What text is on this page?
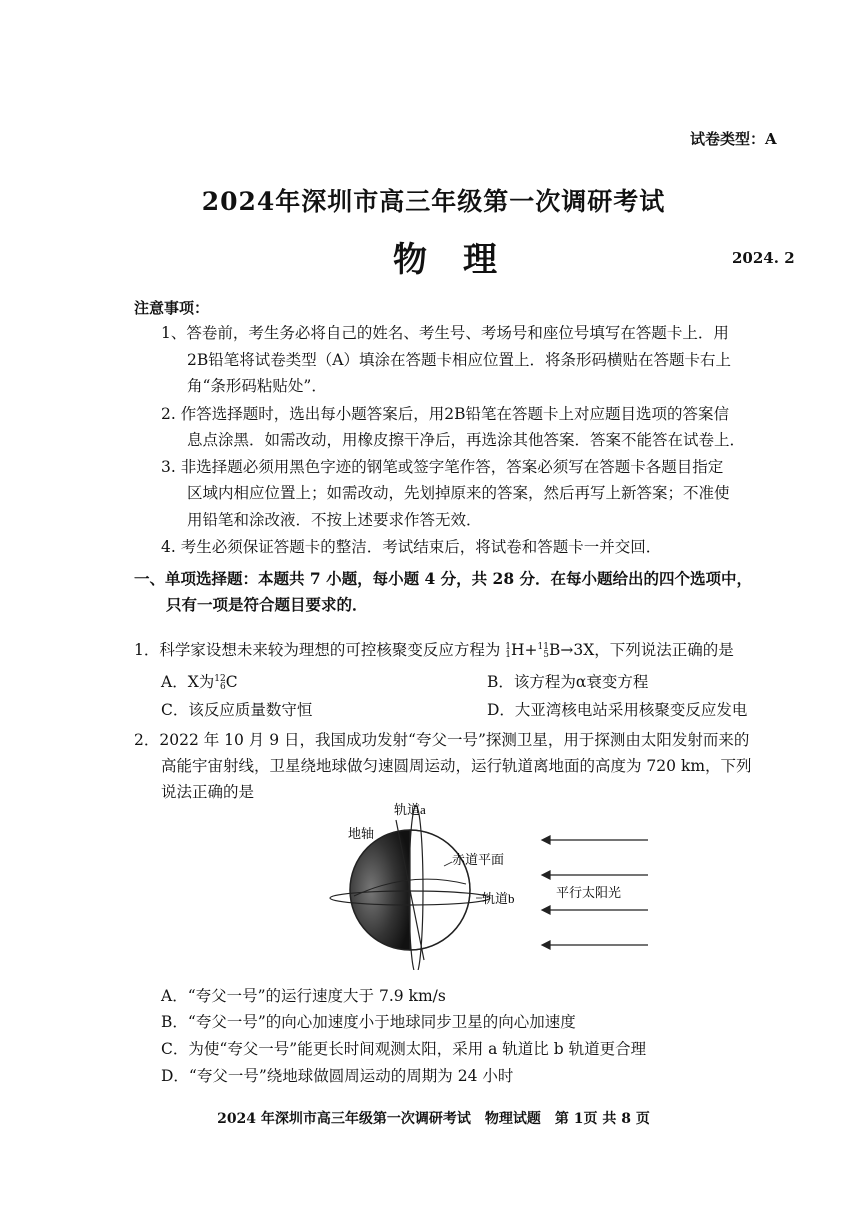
试卷类型：A
2024年深圳市高三年级第一次调研考试
物理	2024. 2
注意事项：
1、答卷前，考生务必将自己的姓名、考生号、考场号和座位号填写在答题卡上．用
2B铅笔将试卷类型（A）填涂在答题卡相应位置上．将条形码横贴在答题卡右上
角“条形码粘贴处”．
2. 作答选择题时，选出每小题答案后，用2B铅笔在答题卡上对应题目选项的答案信
息点涂黑．如需改动，用橡皮擦干净后，再选涂其他答案．答案不能答在试卷上．
3. 非选择题必须用黑色字迹的钢笔或签字笔作答，答案必须写在答题卡各题目指定
区域内相应位置上；如需改动，先划掉原来的答案，然后再写上新答案；不准使
用铅笔和涂改液．不按上述要求作答无效．
4. 考生必须保证答题卡的整洁．考试结束后，将试卷和答题卡一并交回．
一、单项选择题：本题共 7 小题，每小题 4 分，共 28 分．在每小题给出的四个选项中，
只有一项是符合题目要求的．
1．科学家设想未来较为理想的可控核聚变反应方程为 1
1 H+ 11
5 B→3X，下列说法正确的是
A．X为 12
6 C	B．该方程为α衰变方程
C．该反应质量数守恒	D．大亚湾核电站采用核聚变反应发电
2．2022 年 10 月 9 日，我国成功发射“夸父一号”探测卫星，用于探测由太阳发射而来的
高能宇宙射线，卫星绕地球做匀速圆周运动，运行轨道离地面的高度为 720 km，下列
说法正确的是
轨道a
地轴
赤道平面
轨道b	平行太阳光
A．“夸父一号”的运行速度大于 7.9 km/s
B．“夸父一号”的向心加速度小于地球同步卫星的向心加速度
C．为使“夸父一号”能更长时间观测太阳，采用 a 轨道比 b 轨道更合理
D．“夸父一号”绕地球做圆周运动的周期为 24 小时
2024 年深圳市高三年级第一次调研考试　物理试题　第 1页 共 8 页
